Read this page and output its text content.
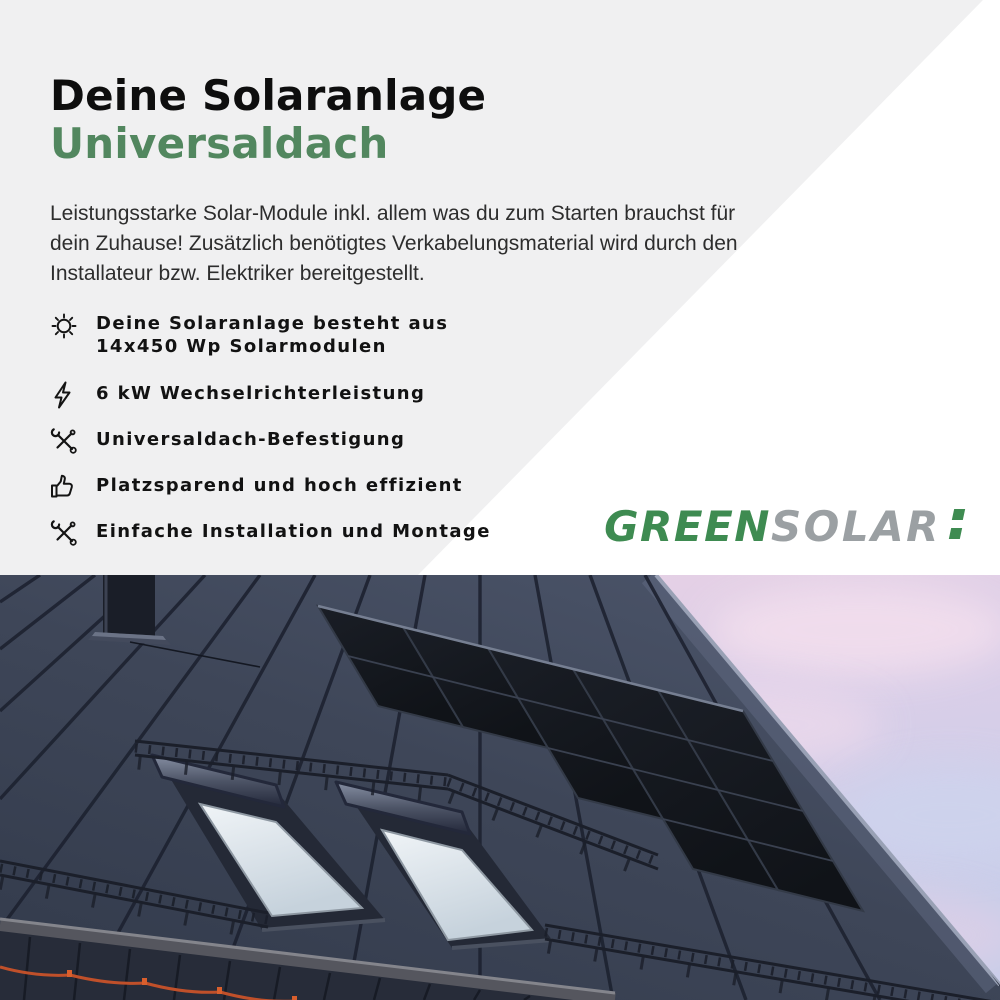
Deine Solaranlage
Universaldach

Leistungsstarke Solar-Module inkl. allem was du zum Starten brauchst für dein Zuhause! Zusätzlich benötigtes Verkabelungsmaterial wird durch den Installateur bzw. Elektriker bereitgestellt.

Deine Solaranlage besteht aus 14x450 Wp Solarmodulen
6 kW Wechselrichterleistung
Universaldach-Befestigung
Platzsparend und hoch effizient
Einfache Installation und Montage	GREEN SOLAR
